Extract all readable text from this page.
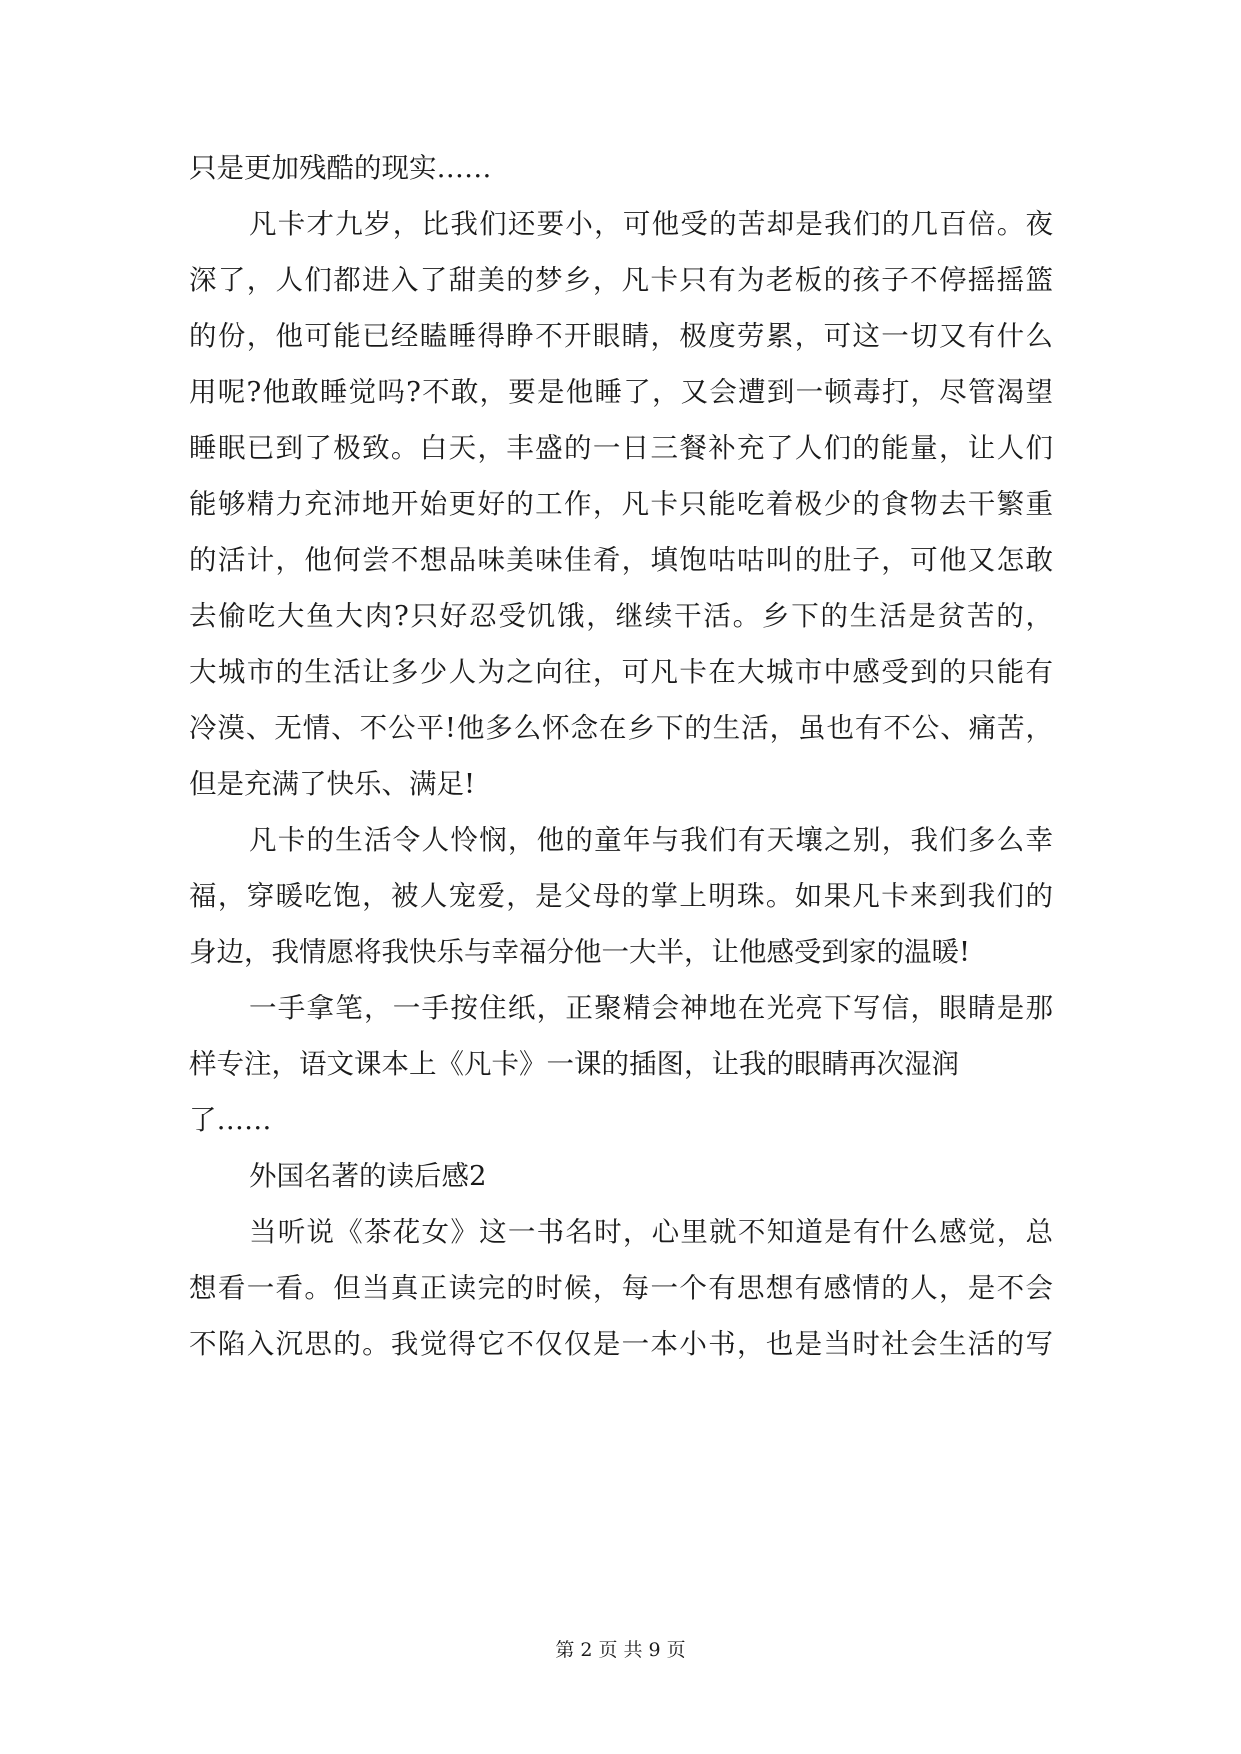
只是更加残酷的现实……
凡卡才九岁，比我们还要小，可他受的苦却是我们的几百倍。夜
深了，人们都进入了甜美的梦乡，凡卡只有为老板的孩子不停摇摇篮
的份，他可能已经瞌睡得睁不开眼睛，极度劳累，可这一切又有什么
用呢?他敢睡觉吗?不敢，要是他睡了，又会遭到一顿毒打，尽管渴望
睡眠已到了极致。白天，丰盛的一日三餐补充了人们的能量，让人们
能够精力充沛地开始更好的工作，凡卡只能吃着极少的食物去干繁重
的活计，他何尝不想品味美味佳肴，填饱咕咕叫的肚子，可他又怎敢
去偷吃大鱼大肉?只好忍受饥饿，继续干活。乡下的生活是贫苦的，
大城市的生活让多少人为之向往，可凡卡在大城市中感受到的只能有
冷漠、无情、不公平!他多么怀念在乡下的生活，虽也有不公、痛苦，
但是充满了快乐、满足!
凡卡的生活令人怜悯，他的童年与我们有天壤之别，我们多么幸
福，穿暖吃饱，被人宠爱，是父母的掌上明珠。如果凡卡来到我们的
身边，我情愿将我快乐与幸福分他一大半，让他感受到家的温暖!
一手拿笔，一手按住纸，正聚精会神地在光亮下写信，眼睛是那
样专注，语文课本上《凡卡》一课的插图，让我的眼睛再次湿润
了……
外国名著的读后感2
当听说《茶花女》这一书名时，心里就不知道是有什么感觉，总
想看一看。但当真正读完的时候，每一个有思想有感情的人，是不会
不陷入沉思的。我觉得它不仅仅是一本小书，也是当时社会生活的写
第 2 页 共 9 页
